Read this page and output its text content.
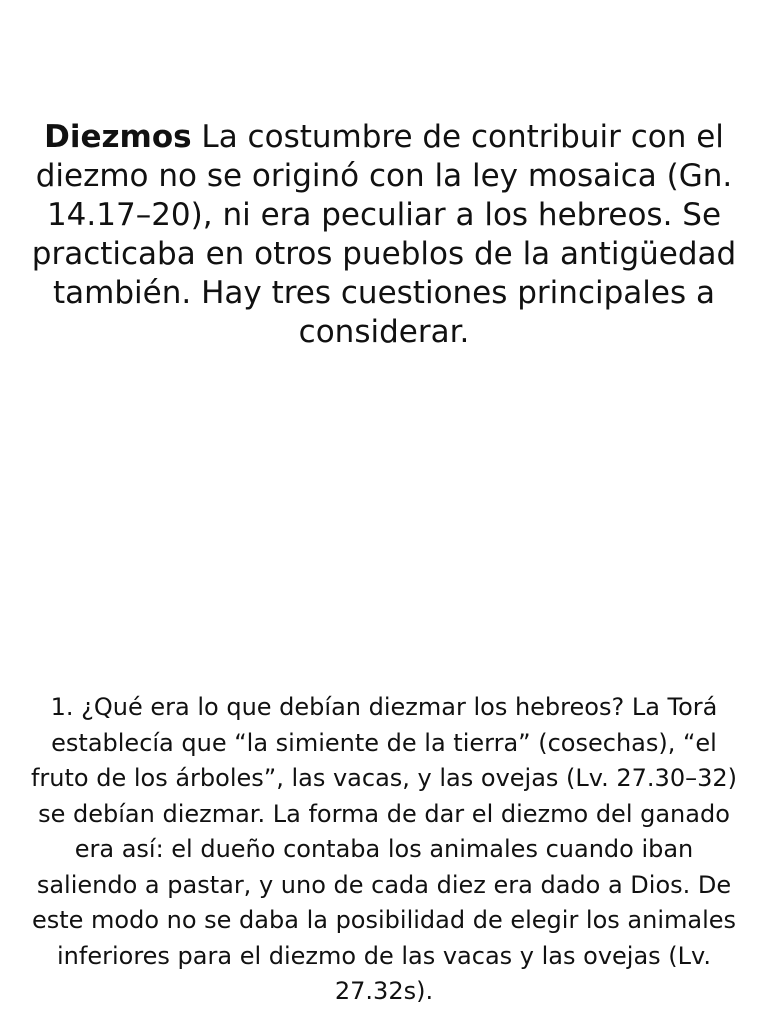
Diezmos La costumbre de contribuir con el diezmo no se originó con la ley mosaica (Gn. 14.17–20), ni era peculiar a los hebreos. Se practicaba en otros pueblos de la antigüedad también. Hay tres cuestiones principales a considerar.
1. ¿Qué era lo que debían diezmar los hebreos? La Torá establecía que “la simiente de la tierra” (cosechas), “el fruto de los árboles”, las vacas, y las ovejas (Lv. 27.30–32) se debían diezmar. La forma de dar el diezmo del ganado era así: el dueño contaba los animales cuando iban saliendo a pastar, y uno de cada diez era dado a Dios. De este modo no se daba la posibilidad de elegir los animales inferiores para el diezmo de las vacas y las ovejas (Lv. 27.32s).
